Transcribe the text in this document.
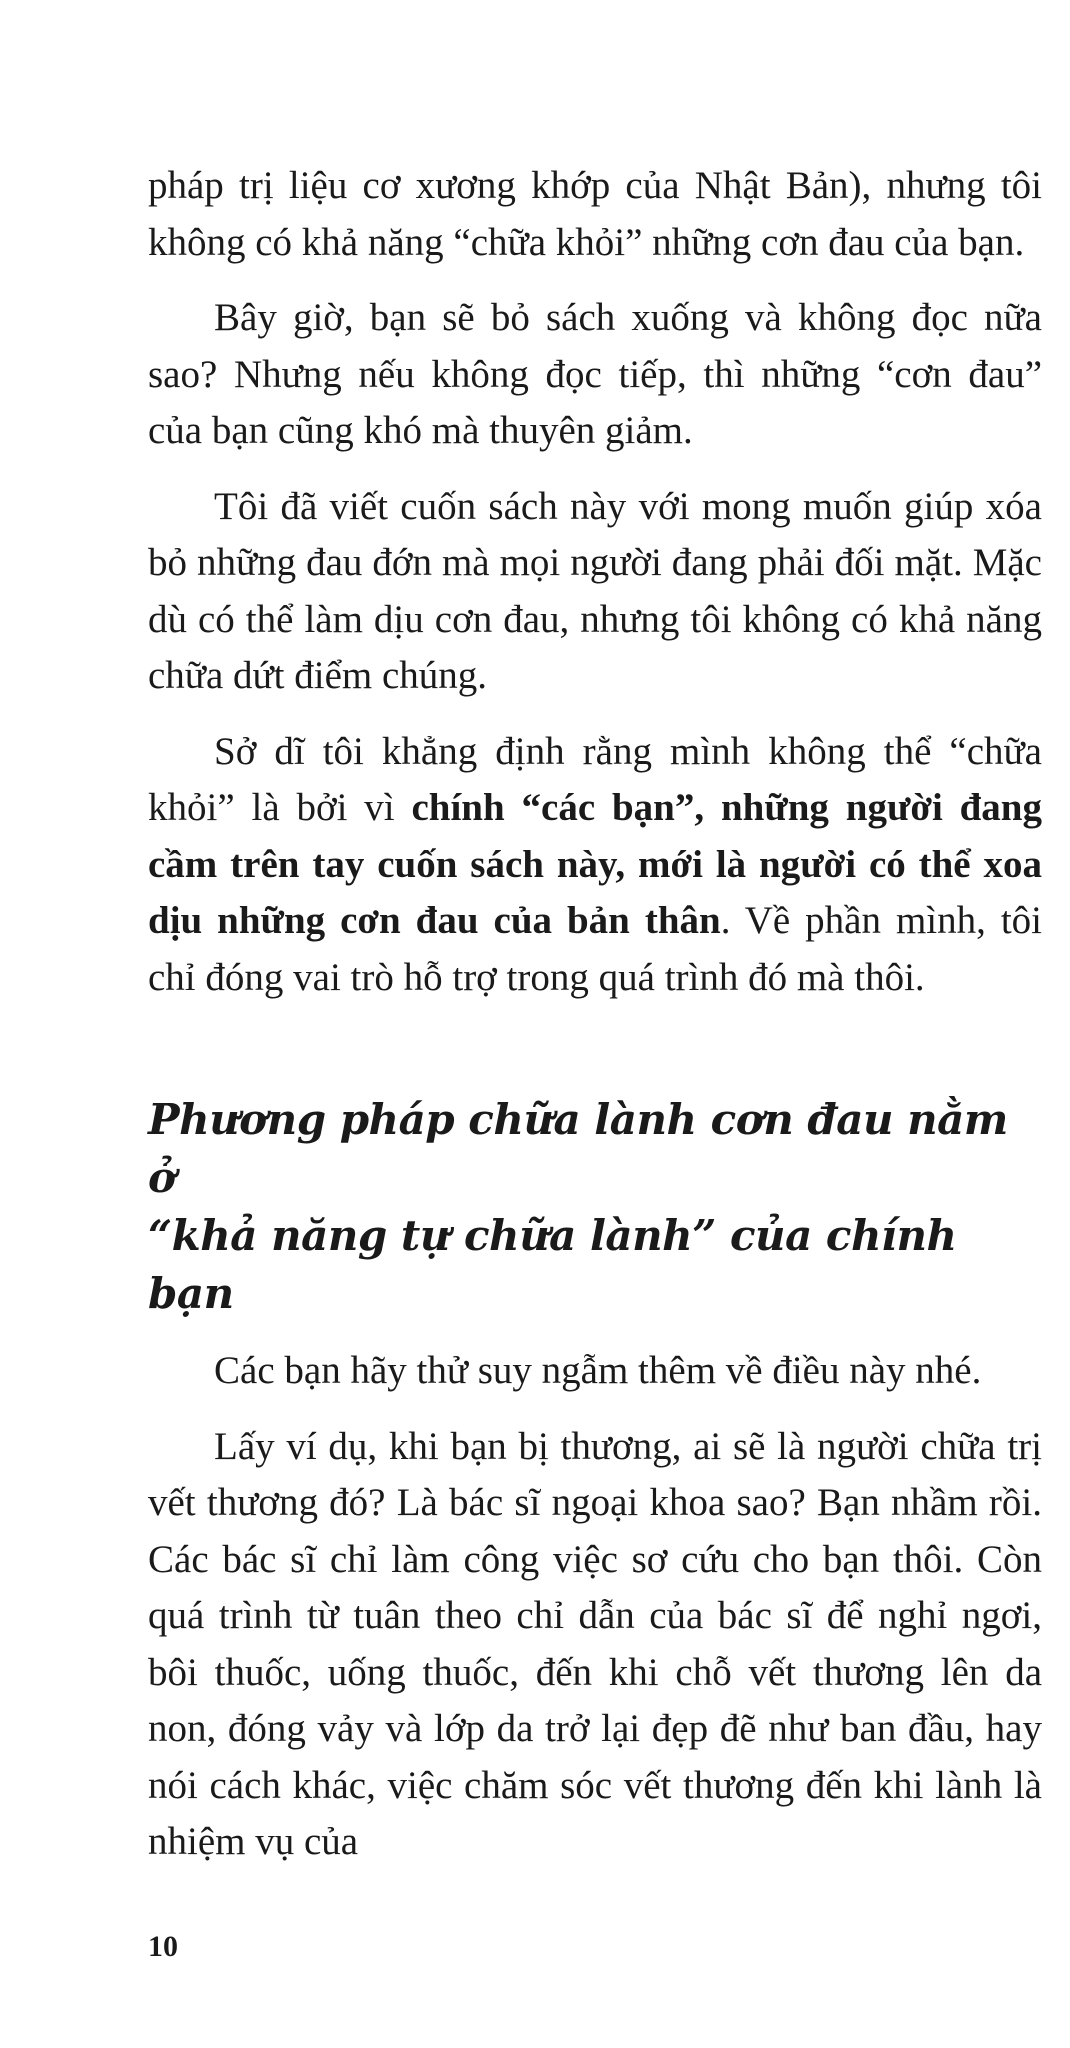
pháp trị liệu cơ xương khớp của Nhật Bản), nhưng tôi không có khả năng “chữa khỏi” những cơn đau của bạn.

Bây giờ, bạn sẽ bỏ sách xuống và không đọc nữa sao? Nhưng nếu không đọc tiếp, thì những “cơn đau” của bạn cũng khó mà thuyên giảm.

Tôi đã viết cuốn sách này với mong muốn giúp xóa bỏ những đau đớn mà mọi người đang phải đối mặt. Mặc dù có thể làm dịu cơn đau, nhưng tôi không có khả năng chữa dứt điểm chúng.

Sở dĩ tôi khẳng định rằng mình không thể “chữa khỏi” là bởi vì chính “các bạn”, những người đang cầm trên tay cuốn sách này, mới là người có thể xoa dịu những cơn đau của bản thân. Về phần mình, tôi chỉ đóng vai trò hỗ trợ trong quá trình đó mà thôi.

Phương pháp chữa lành cơn đau nằm ở
“khả năng tự chữa lành” của chính bạn

Các bạn hãy thử suy ngẫm thêm về điều này nhé.

Lấy ví dụ, khi bạn bị thương, ai sẽ là người chữa trị vết thương đó? Là bác sĩ ngoại khoa sao? Bạn nhầm rồi. Các bác sĩ chỉ làm công việc sơ cứu cho bạn thôi. Còn quá trình từ tuân theo chỉ dẫn của bác sĩ để nghỉ ngơi, bôi thuốc, uống thuốc, đến khi chỗ vết thương lên da non, đóng vảy và lớp da trở lại đẹp đẽ như ban đầu, hay nói cách khác, việc chăm sóc vết thương đến khi lành là nhiệm vụ của

10
